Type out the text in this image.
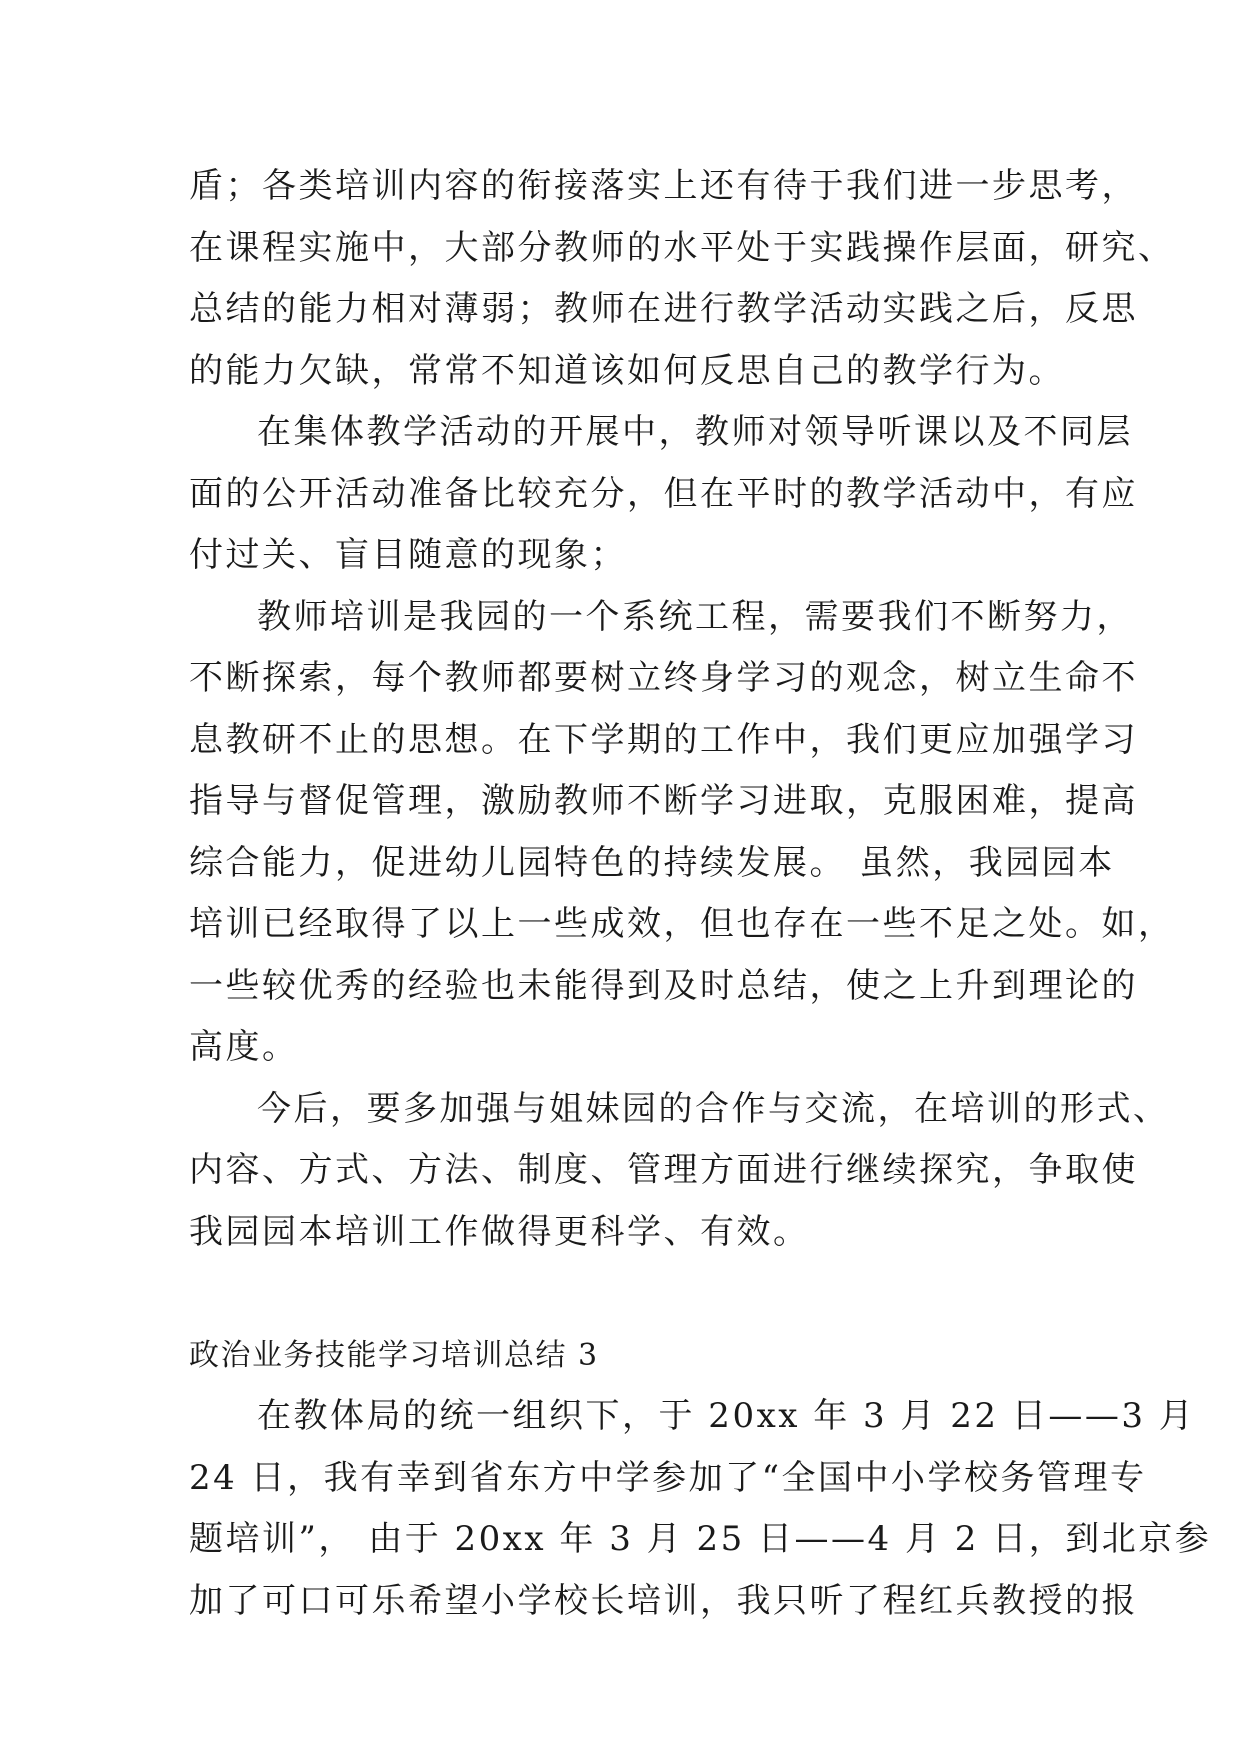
盾；各类培训内容的衔接落实上还有待于我们进一步思考，
在课程实施中，大部分教师的水平处于实践操作层面，研究、
总结的能力相对薄弱；教师在进行教学活动实践之后，反思
的能力欠缺，常常不知道该如何反思自己的教学行为。
在集体教学活动的开展中，教师对领导听课以及不同层
面的公开活动准备比较充分，但在平时的教学活动中，有应
付过关、盲目随意的现象；
教师培训是我园的一个系统工程，需要我们不断努力，
不断探索，每个教师都要树立终身学习的观念，树立生命不
息教研不止的思想。在下学期的工作中，我们更应加强学习
指导与督促管理，激励教师不断学习进取，克服困难，提高
综合能力，促进幼儿园特色的持续发展。 虽然，我园园本
培训已经取得了以上一些成效，但也存在一些不足之处。如，
一些较优秀的经验也未能得到及时总结，使之上升到理论的
高度。
今后，要多加强与姐妹园的合作与交流，在培训的形式、
内容、方式、方法、制度、管理方面进行继续探究，争取使
我园园本培训工作做得更科学、有效。
政治业务技能学习培训总结 3
在教体局的统一组织下，于 20xx 年 3 月 22 日——3 月
24 日，我有幸到省东方中学参加了“全国中小学校务管理专
题培训”， 由于 20xx 年 3 月 25 日——4 月 2 日，到北京参
加了可口可乐希望小学校长培训，我只听了程红兵教授的报
